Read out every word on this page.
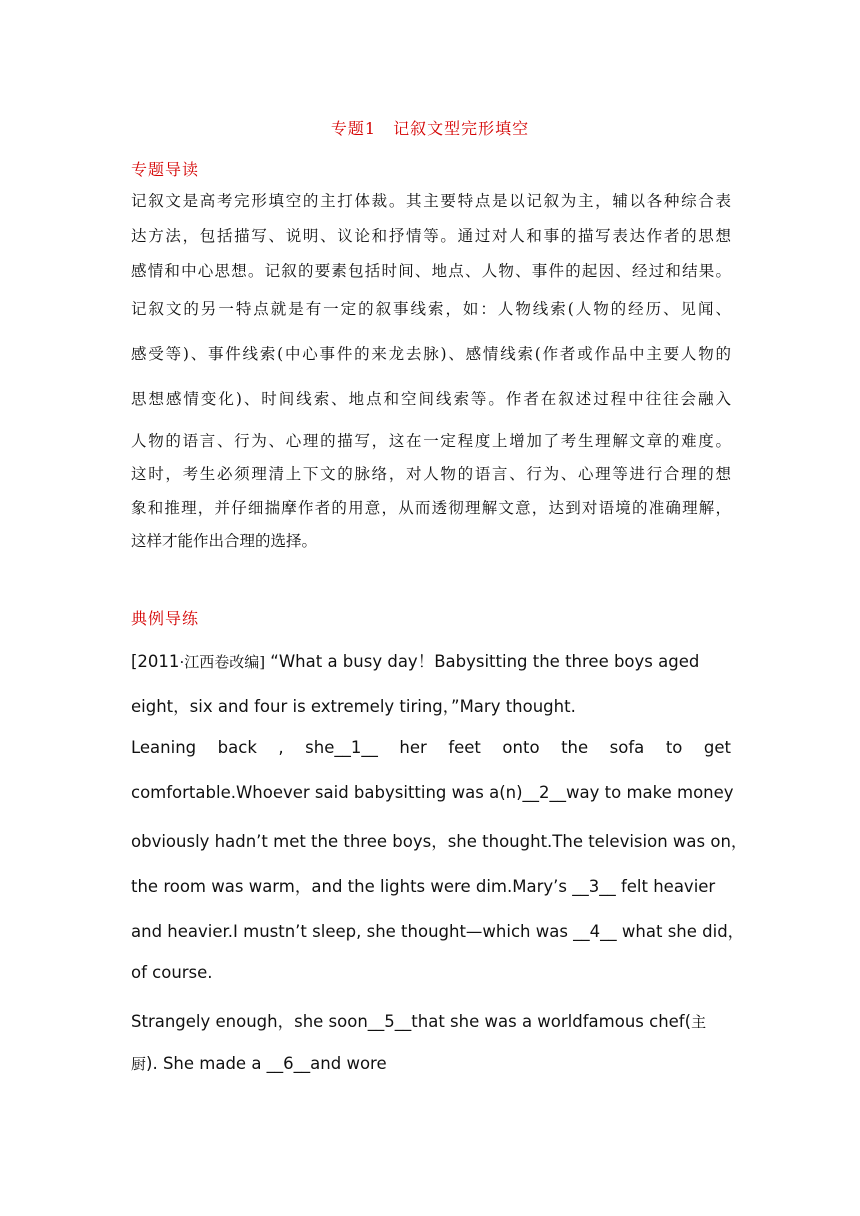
专题1　记叙文型完形填空
专题导读
记叙文是高考完形填空的主打体裁。其主要特点是以记叙为主，辅以各种综合表
达方法，包括描写、说明、议论和抒情等。通过对人和事的描写表达作者的思想
感情和中心思想。记叙的要素包括时间、地点、人物、事件的起因、经过和结果。
记叙文的另一特点就是有一定的叙事线索，如：人物线索(人物的经历、见闻、
感受等)、事件线索(中心事件的来龙去脉)、感情线索(作者或作品中主要人物的
思想感情变化)、时间线索、地点和空间线索等。作者在叙述过程中往往会融入
人物的语言、行为、心理的描写，这在一定程度上增加了考生理解文章的难度。
这时，考生必须理清上下文的脉络，对人物的语言、行为、心理等进行合理的想
象和推理，并仔细揣摩作者的用意，从而透彻理解文意，达到对语境的准确理解，
这样才能作出合理的选择。
典例导练
[2011·江西卷改编] “What a busy day！Babysitting the three boys aged
eight，six and four is extremely tiring，”Mary thought.
Leaning back , she__1__ her feet onto the sofa to get
comfortable.Whoever said babysitting was a(n)__2__way to make money
obviously hadn’t met the three boys，she thought.The television was on，
the room was warm，and the lights were dim.Mary’s __3__ felt heavier
and heavier.I mustn’t sleep, she thought—which was __4__ what she did，
of course.
Strangely enough，she soon__5__that she was a worldfamous chef(主
厨). She made a __6__and wore
